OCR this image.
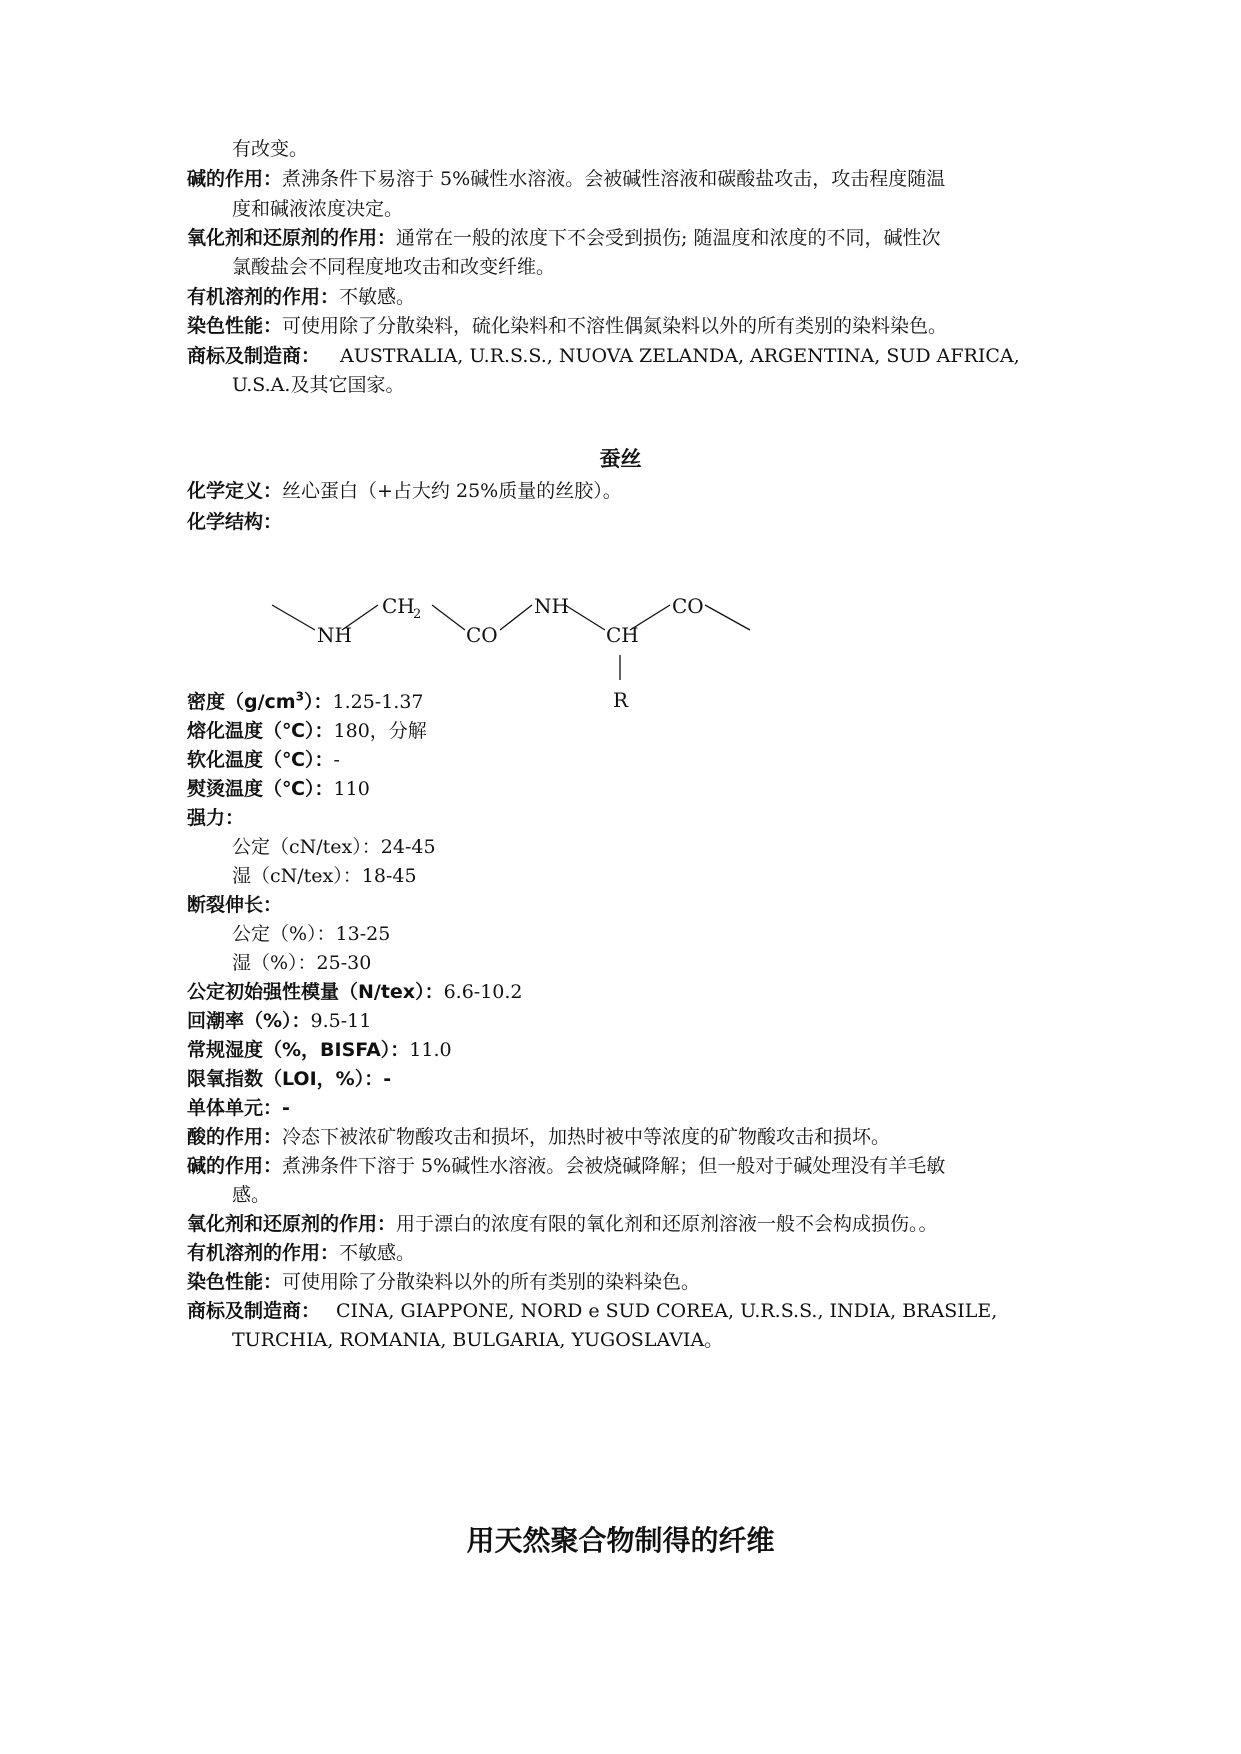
有改变。
碱的作用：煮沸条件下易溶于 5%碱性水溶液。会被碱性溶液和碳酸盐攻击，攻击程度随温
度和碱液浓度决定。
氧化剂和还原剂的作用：通常在一般的浓度下不会受到损伤; 随温度和浓度的不同，碱性次
氯酸盐会不同程度地攻击和改变纤维。
有机溶剂的作用：不敏感。
染色性能：可使用除了分散染料，硫化染料和不溶性偶氮染料以外的所有类别的染料染色。
商标及制造商： AUSTRALIA, U.R.S.S., NUOVA ZELANDA, ARGENTINA, SUD AFRICA,
U.S.A.及其它国家。
蚕丝
化学定义：丝心蛋白（+占大约 25%质量的丝胶）。
化学结构：
NH
CH
2
CO
NH
CH
CO
R
密度$(g/cm^3)$：1.25-1.37
熔化温度（℃）：180，分解
软化温度（℃）：-
熨烫温度（℃）：110
强力：
公定（cN/tex）：24-45
湿（cN/tex）：18-45
断裂伸长：
公定（%）：13-25
湿（%）：25-30
公定初始强性模量（N/tex）：6.6-10.2
回潮率（%）：9.5-11
常规湿度（%，BISFA）：11.0
限氧指数（LOI，%）：-
单体单元：-
酸的作用：冷态下被浓矿物酸攻击和损坏，加热时被中等浓度的矿物酸攻击和损坏。
碱的作用：煮沸条件下溶于 5%碱性水溶液。会被烧碱降解；但一般对于碱处理没有羊毛敏
感。
氧化剂和还原剂的作用：用于漂白的浓度有限的氧化剂和还原剂溶液一般不会构成损伤。。
有机溶剂的作用：不敏感。
染色性能：可使用除了分散染料以外的所有类别的染料染色。
商标及制造商： CINA, GIAPPONE, NORD e SUD COREA, U.R.S.S., INDIA, BRASILE,
TURCHIA, ROMANIA, BULGARIA, YUGOSLAVIA。
用天然聚合物制得的纤维
